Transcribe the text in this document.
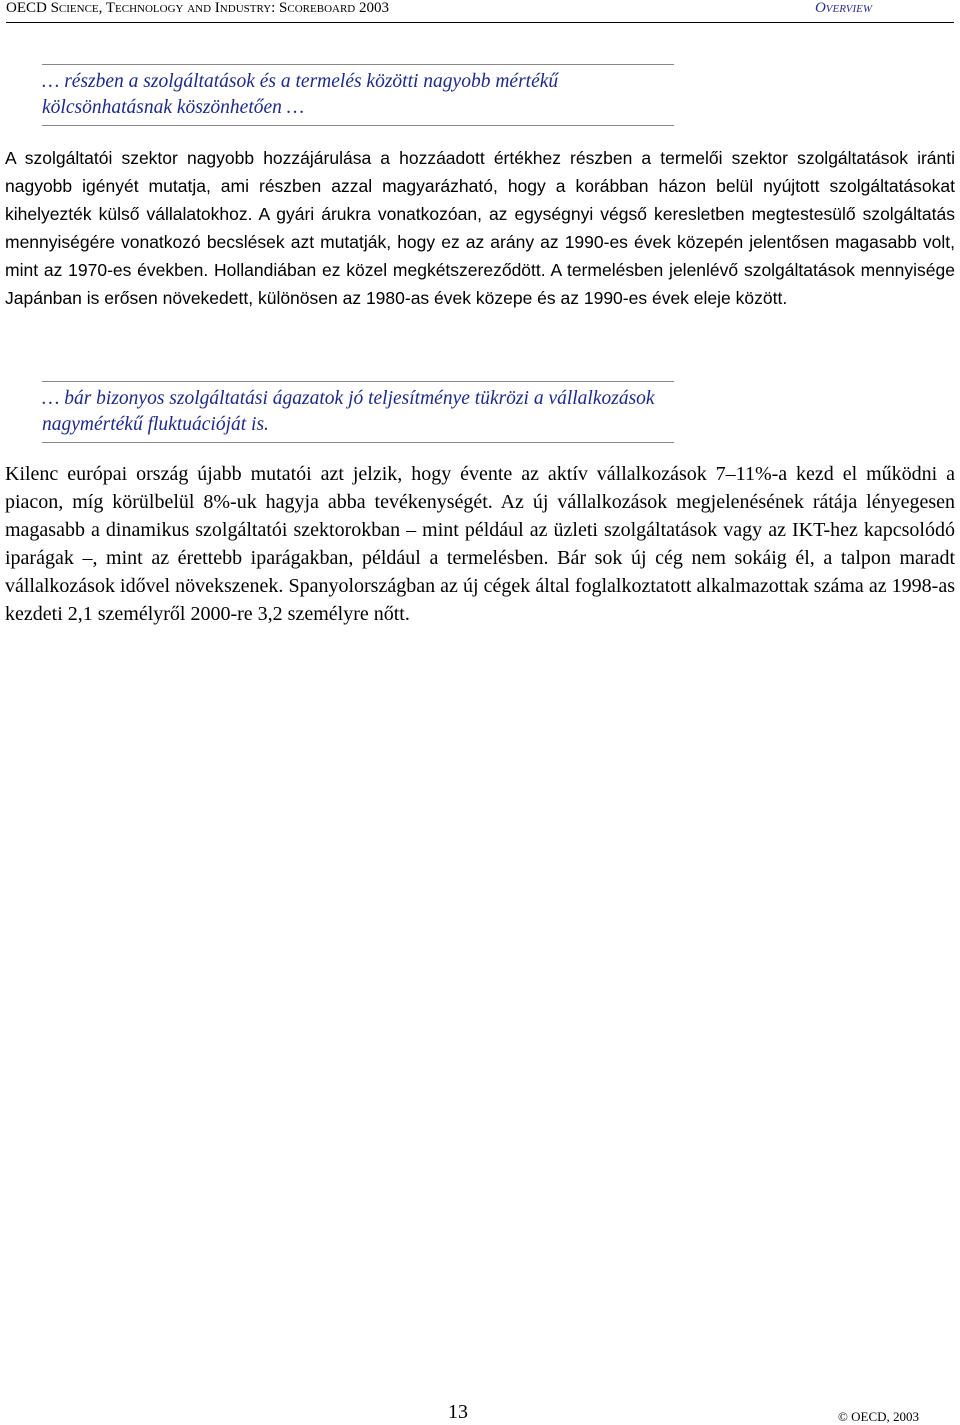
OECD Science, Technology and Industry: Scoreboard 2003	Overview

… részben a szolgáltatások és a termelés közötti nagyobb mértékű kölcsönhatásnak köszönhetően …

A szolgáltatói szektor nagyobb hozzájárulása a hozzáadott értékhez részben a termelői szektor szolgáltatások iránti nagyobb igényét mutatja, ami részben azzal magyarázható, hogy a korábban házon belül nyújtott szolgáltatásokat kihelyezték külső vállalatokhoz. A gyári árukra vonatkozóan, az egységnyi végső keresletben megtestesülő szolgáltatás mennyiségére vonatkozó becslések azt mutatják, hogy ez az arány az 1990-es évek közepén jelentősen magasabb volt, mint az 1970-es években. Hollandiában ez közel megkétszereződött. A termelésben jelenlévő szolgáltatások mennyisége Japánban is erősen növekedett, különösen az 1980-as évek közepe és az 1990-es évek eleje között.

… bár bizonyos szolgáltatási ágazatok jó teljesítménye tükrözi a vállalkozások nagymértékű fluktuációját is.

Kilenc európai ország újabb mutatói azt jelzik, hogy évente az aktív vállalkozások 7–11%-a kezd el működni a piacon, míg körülbelül 8%-uk hagyja abba tevékenységét. Az új vállalkozások megjelenésének rátája lényegesen magasabb a dinamikus szolgáltatói szektorokban – mint például az üzleti szolgáltatások vagy az IKT-hez kapcsolódó iparágak –, mint az érettebb iparágakban, például a termelésben. Bár sok új cég nem sokáig él, a talpon maradt vállalkozások idővel növekszenek. Spanyolországban az új cégek által foglalkoztatott alkalmazottak száma az 1998-as kezdeti 2,1 személyről 2000-re 3,2 személyre nőtt.

13	© OECD, 2003
